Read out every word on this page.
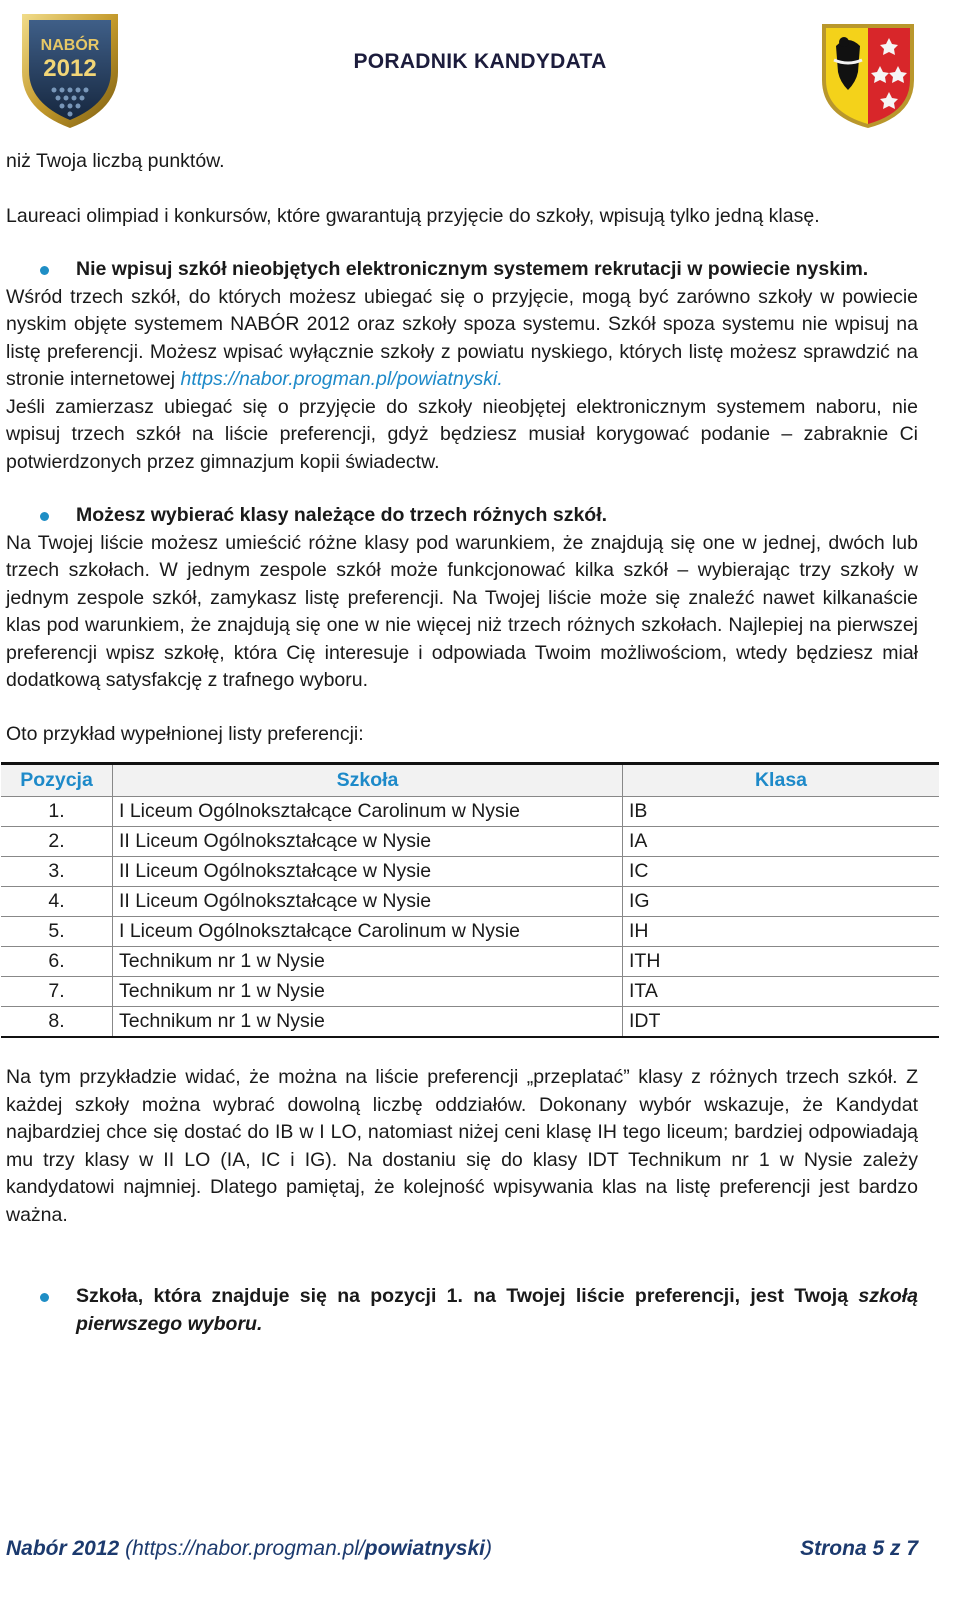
NABÓR
2012	PORADNIK KANDYDATA

niż Twoja liczbą punktów.

Laureaci olimpiad i konkursów, które gwarantują przyjęcie do szkoły, wpisują tylko jedną klasę.

Nie wpisuj szkół nieobjętych elektronicznym systemem rekrutacji w powiecie nyskim.

Wśród trzech szkół, do których możesz ubiegać się o przyjęcie, mogą być zarówno szkoły w powiecie nyskim objęte systemem NABÓR 2012 oraz szkoły spoza systemu. Szkół spoza systemu nie wpisuj na listę preferencji. Możesz wpisać wyłącznie szkoły z powiatu nyskiego, których listę możesz sprawdzić na stronie internetowej https://nabor.progman.pl/powiatnyski.

Jeśli zamierzasz ubiegać się o przyjęcie do szkoły nieobjętej elektronicznym systemem naboru, nie wpisuj trzech szkół na liście preferencji, gdyż będziesz musiał korygować podanie – zabraknie Ci potwierdzonych przez gimnazjum kopii świadectw.

Możesz wybierać klasy należące do trzech różnych szkół.

Na Twojej liście możesz umieścić różne klasy pod warunkiem, że znajdują się one w jednej, dwóch lub trzech szkołach. W jednym zespole szkół może funkcjonować kilka szkół – wybierając trzy szkoły w jednym zespole szkół, zamykasz listę preferencji. Na Twojej liście może się znaleźć nawet kilkanaście klas pod warunkiem, że znajdują się one w nie więcej niż trzech różnych szkołach. Najlepiej na pierwszej preferencji wpisz szkołę, która Cię interesuje i odpowiada Twoim możliwościom, wtedy będziesz miał dodatkową satysfakcję z trafnego wyboru.

Oto przykład wypełnionej listy preferencji:

Pozycja	Szkoła	Klasa
1.	I Liceum Ogólnokształcące Carolinum w Nysie	IB
2.	II Liceum Ogólnokształcące w Nysie	IA
3.	II Liceum Ogólnokształcące w Nysie	IC
4.	II Liceum Ogólnokształcące w Nysie	IG
5.	I Liceum Ogólnokształcące Carolinum w Nysie	IH
6.	Technikum nr 1 w Nysie	ITH
7.	Technikum nr 1 w Nysie	ITA
8.	Technikum nr 1 w Nysie	IDT

Na tym przykładzie widać, że można na liście preferencji „przeplatać” klasy z różnych trzech szkół. Z każdej szkoły można wybrać dowolną liczbę oddziałów. Dokonany wybór wskazuje, że Kandydat najbardziej chce się dostać do IB w I LO, natomiast niżej ceni klasę IH tego liceum; bardziej odpowiadają mu trzy klasy w II LO (IA, IC i IG). Na dostaniu się do klasy IDT Technikum nr 1 w Nysie zależy kandydatowi najmniej. Dlatego pamiętaj, że kolejność wpisywania klas na listę preferencji jest bardzo ważna.

Szkoła, która znajduje się na pozycji 1. na Twojej liście preferencji, jest Twoją szkołą pierwszego wyboru.
Nabór 2012 (https://nabor.progman.pl/powiatnyski)	Strona 5 z 7
